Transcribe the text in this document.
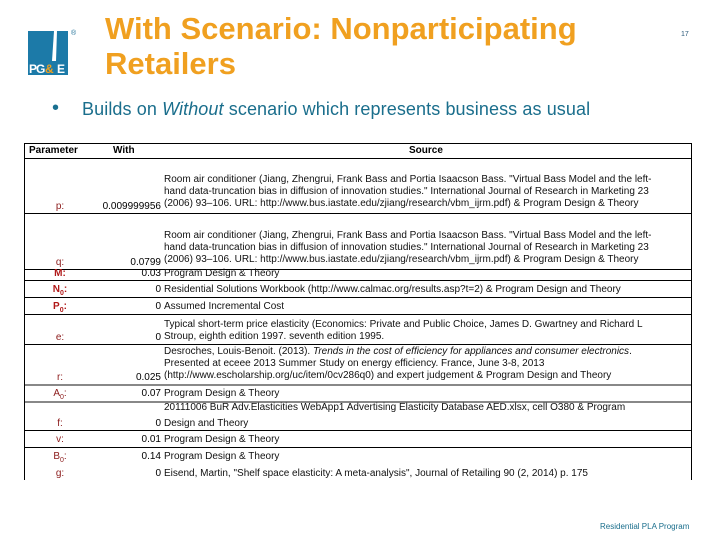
PG & E
® With Scenario: Nonparticipating Retailers
17
• Builds on Without scenario which represents business as usual
Parameter	With	Source
p:	0.009999956
Room air conditioner (Jiang, Zhengrui, Frank Bass and Portia Isaacson Bass. "Virtual Bass Model and the left-
hand data-truncation bias in diffusion of innovation studies." International Journal of Research in Marketing 23
(2006) 93–106. URL: http://www.bus.iastate.edu/zjiang/research/vbm_ijrm.pdf) & Program Design & Theory
q:	0.0799
Room air conditioner (Jiang, Zhengrui, Frank Bass and Portia Isaacson Bass. "Virtual Bass Model and the left-
hand data-truncation bias in diffusion of innovation studies." International Journal of Research in Marketing 23
(2006) 93–106. URL: http://www.bus.iastate.edu/zjiang/research/vbm_ijrm.pdf) & Program Design & Theory
M:	0.03 Program Design & Theory
$N_0$:	0 Residential Solutions Workbook (http://www.calmac.org/results.asp?t=2) & Program Design and Theory
$P_0$:	0 Assumed Incremental Cost
e:	0
Typical short-term price elasticity (Economics: Private and Public Choice, James D. Gwartney and Richard L
Stroup, eighth edition 1997. seventh edition 1995.
r:	0.025
Desroches, Louis-Benoit. (2013). Trends in the cost of efficiency for appliances and consumer electronics.
Presented at eceee 2013 Summer Study on energy efficiency. France, June 3-8, 2013
(http://www.escholarship.org/uc/item/0cv286q0) and expert judgement & Program Design and Theory
$A_0$:	0.07 Program Design & Theory
f:	0
20111006 BuR Adv.Elasticities WebApp1 Advertising Elasticity Database AED.xlsx, cell O380 & Program
Design and Theory
v:	0.01 Program Design & Theory
$B_0$:	0.14 Program Design & Theory
g:	0 Eisend, Martin, "Shelf space elasticity: A meta-analysis", Journal of Retailing 90 (2, 2014) p. 175
Residential PLA Program
